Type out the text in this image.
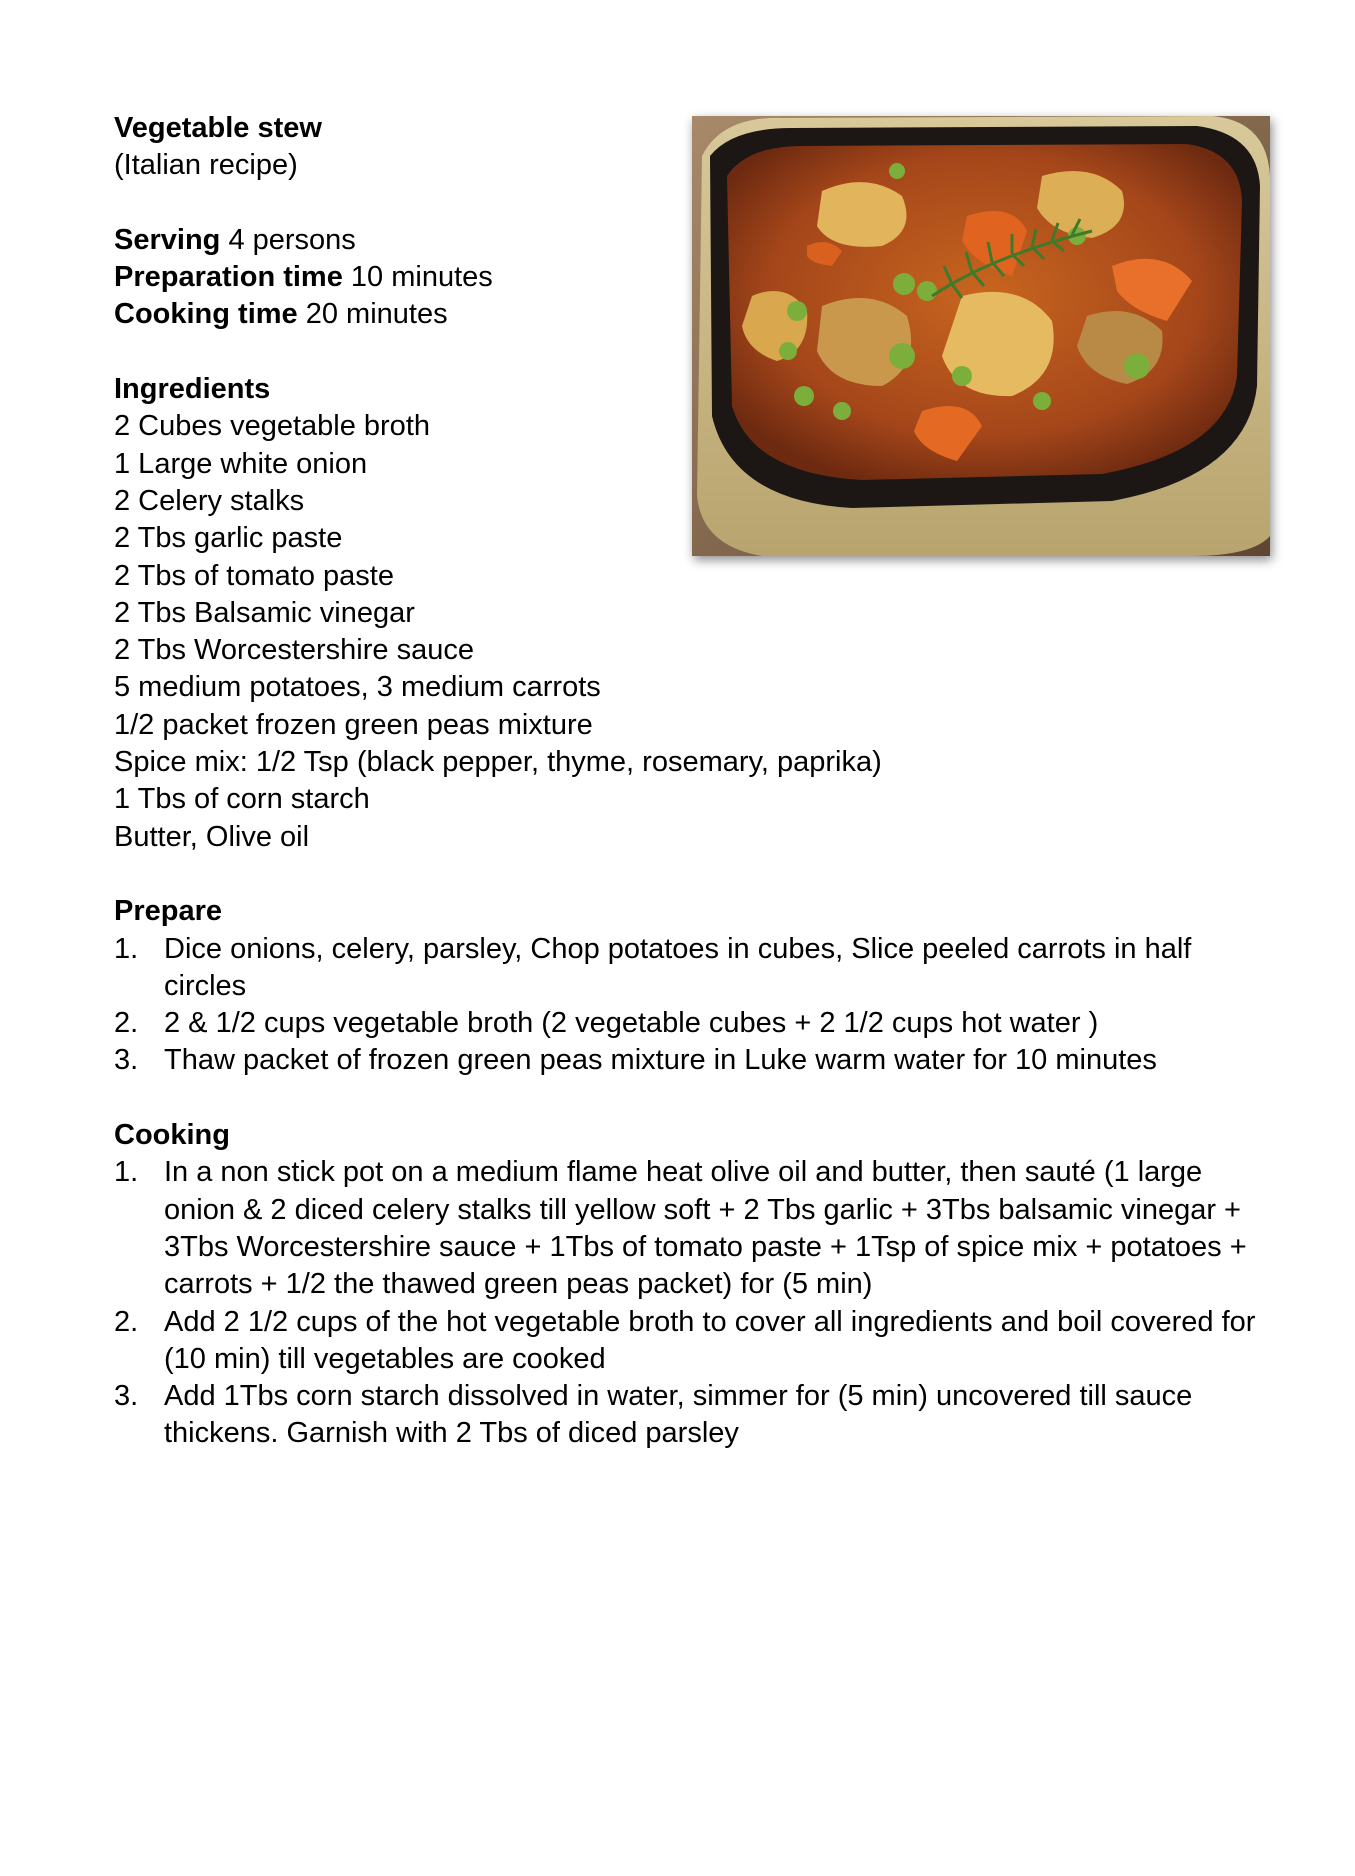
Vegetable stew
(Italian recipe)
Serving 4 persons
Preparation time 10 minutes
Cooking time 20 minutes
Ingredients
2 Cubes vegetable broth
1 Large white onion
2 Celery stalks
2 Tbs garlic paste
2 Tbs of tomato paste
2 Tbs Balsamic vinegar
2 Tbs Worcestershire sauce
5 medium potatoes, 3 medium carrots
1/2 packet frozen green peas mixture
Spice mix: 1/2 Tsp (black pepper, thyme, rosemary, paprika)
1 Tbs of corn starch
Butter, Olive oil
Prepare
1. Dice onions, celery, parsley, Chop potatoes in cubes, Slice peeled carrots in half circles
2. 2 & 1/2 cups vegetable broth (2 vegetable cubes + 2 1/2 cups hot water )
3. Thaw packet of frozen green peas mixture in Luke warm water for 10 minutes
Cooking
1. In a non stick pot on a medium flame heat olive oil and butter, then sauté (1 large onion & 2 diced celery stalks till yellow soft + 2 Tbs garlic + 3Tbs balsamic vinegar + 3Tbs Worcestershire sauce + 1Tbs of tomato paste + 1Tsp of spice mix + potatoes + carrots + 1/2 the thawed green peas packet) for (5 min)
2. Add 2 1/2 cups of the hot vegetable broth to cover all ingredients and boil covered for (10 min) till vegetables are cooked
3. Add 1Tbs corn starch dissolved in water, simmer for (5 min) uncovered till sauce thickens. Garnish with 2 Tbs of diced parsley
